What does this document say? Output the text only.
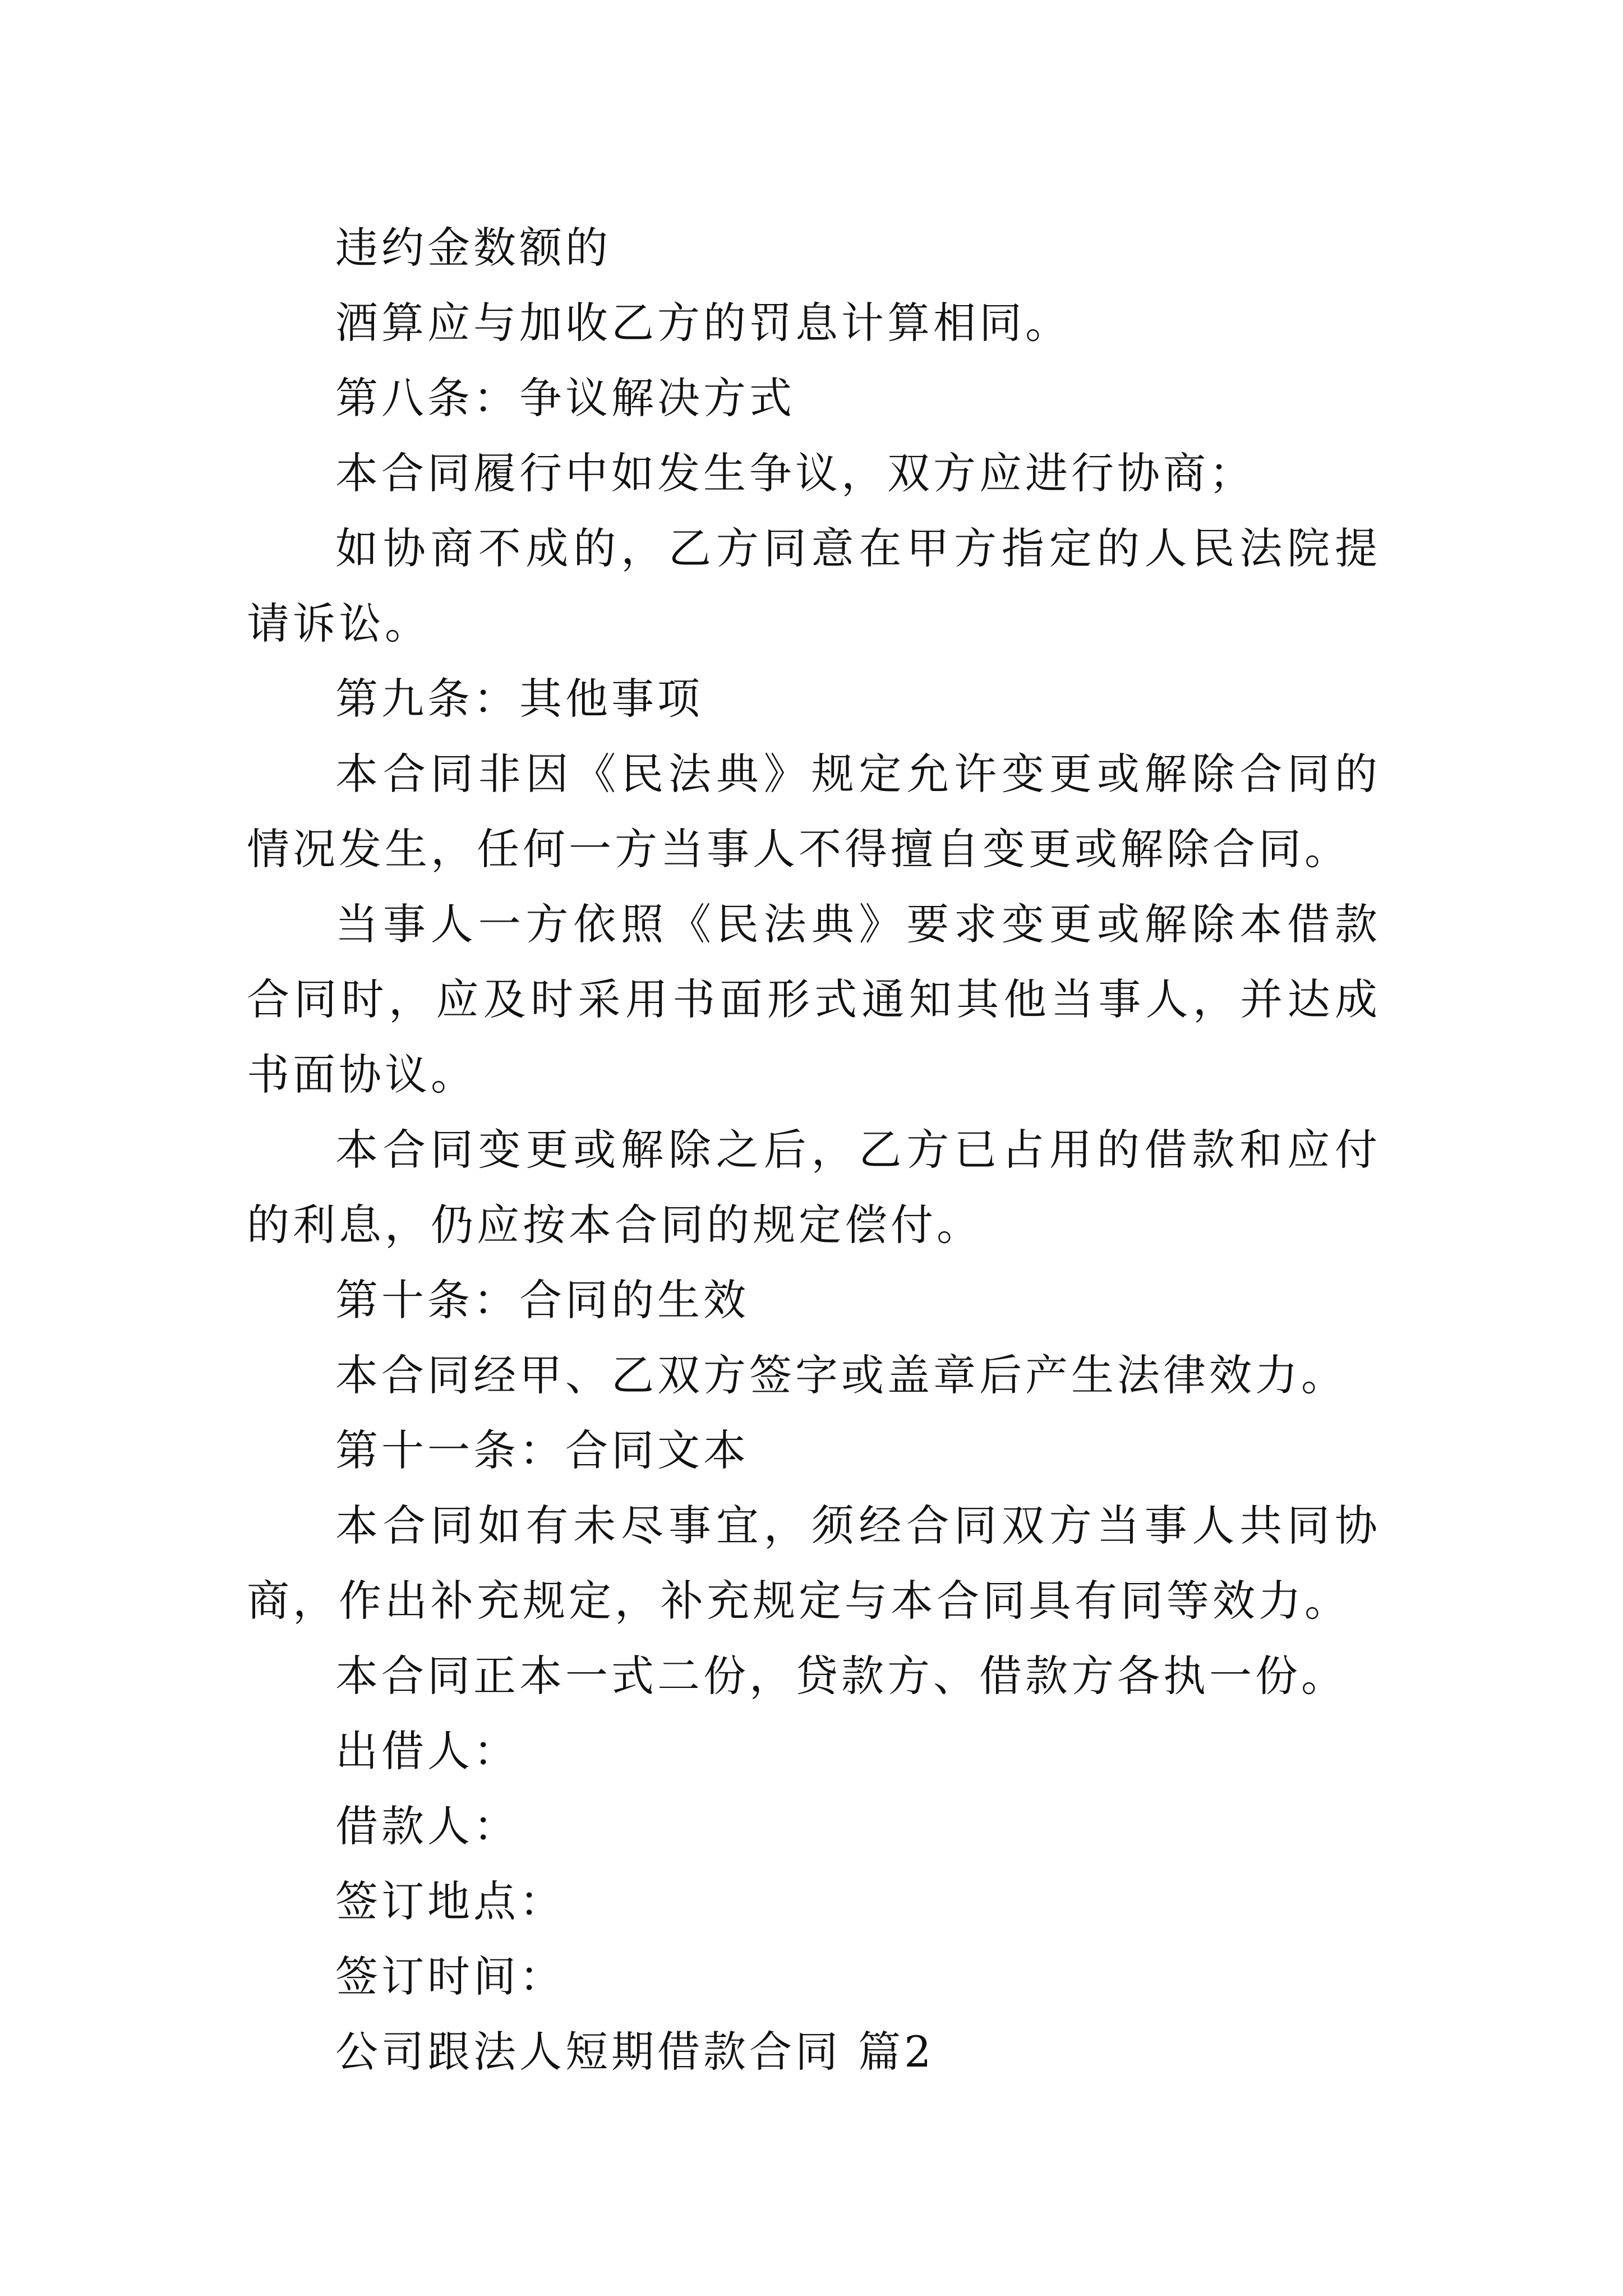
违约金数额的

酒算应与加收乙方的罚息计算相同。

第八条：争议解决方式

本合同履行中如发生争议，双方应进行协商；

如协商不成的，乙方同意在甲方指定的人民法院提请诉讼。

第九条：其他事项

本合同非因《民法典》规定允许变更或解除合同的情况发生，任何一方当事人不得擅自变更或解除合同。

当事人一方依照《民法典》要求变更或解除本借款合同时，应及时采用书面形式通知其他当事人，并达成书面协议。

本合同变更或解除之后，乙方已占用的借款和应付的利息，仍应按本合同的规定偿付。

第十条：合同的生效

本合同经甲、乙双方签字或盖章后产生法律效力。

第十一条：合同文本

本合同如有未尽事宜，须经合同双方当事人共同协商，作出补充规定，补充规定与本合同具有同等效力。

本合同正本一式二份，贷款方、借款方各执一份。

出借人：

借款人：

签订地点：

签订时间：

公司跟法人短期借款合同 篇2
